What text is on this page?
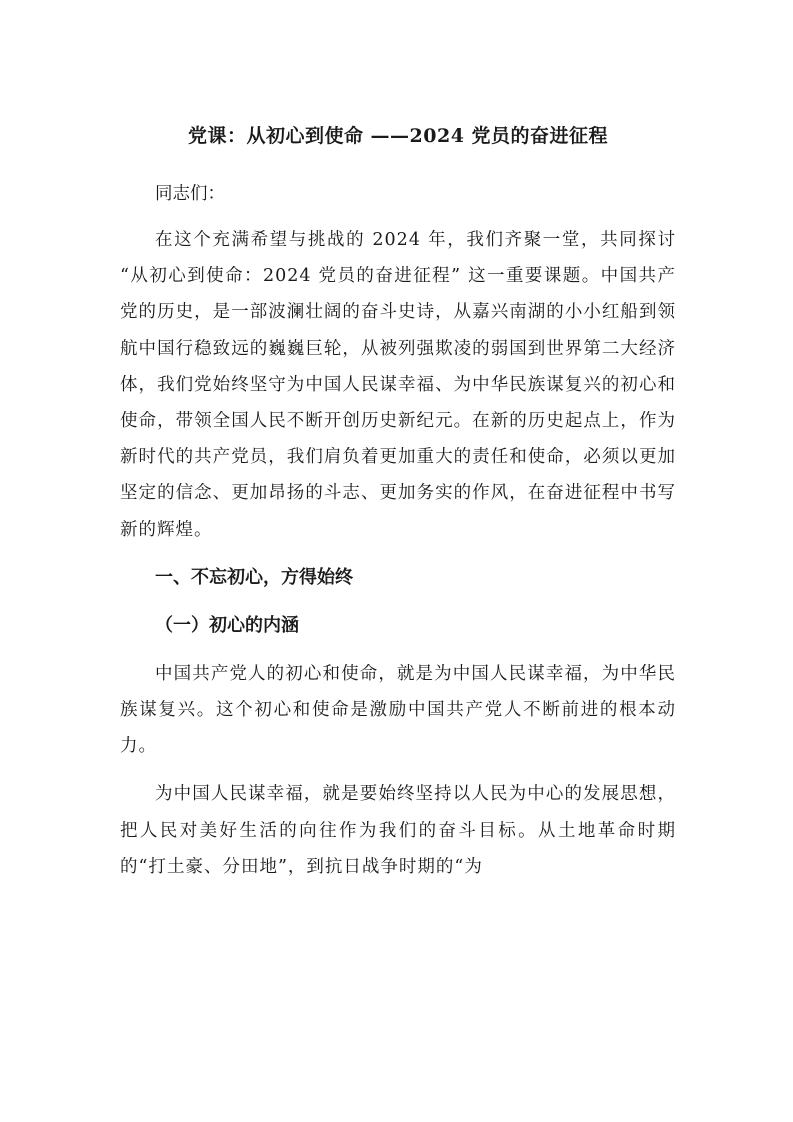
党课：从初心到使命 ——2024 党员的奋进征程
同志们：
在这个充满希望与挑战的 2024 年，我们齐聚一堂，共同探讨 “从初心到使命：2024 党员的奋进征程” 这一重要课题。中国共产党的历史，是一部波澜壮阔的奋斗史诗，从嘉兴南湖的小小红船到领航中国行稳致远的巍巍巨轮，从被列强欺凌的弱国到世界第二大经济体，我们党始终坚守为中国人民谋幸福、为中华民族谋复兴的初心和使命，带领全国人民不断开创历史新纪元。在新的历史起点上，作为新时代的共产党员，我们肩负着更加重大的责任和使命，必须以更加坚定的信念、更加昂扬的斗志、更加务实的作风，在奋进征程中书写新的辉煌。
一、不忘初心，方得始终
（一）初心的内涵
中国共产党人的初心和使命，就是为中国人民谋幸福，为中华民族谋复兴。这个初心和使命是激励中国共产党人不断前进的根本动力。
为中国人民谋幸福，就是要始终坚持以人民为中心的发展思想，把人民对美好生活的向往作为我们的奋斗目标。从土地革命时期的“打土豪、分田地”，到抗日战争时期的“为
